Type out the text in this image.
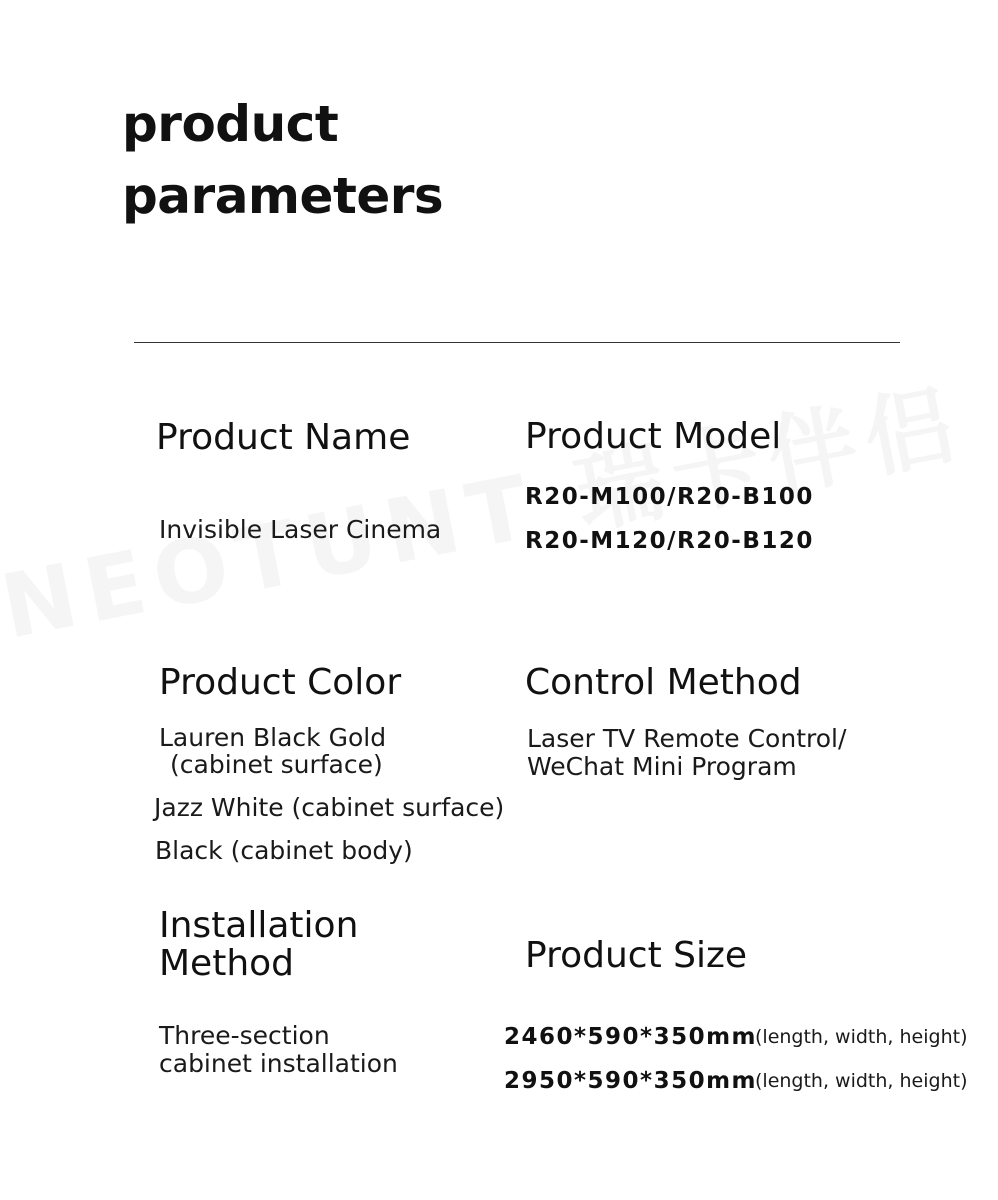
product
parameters
Product Name
Invisible Laser Cinema
Product Model
R20-M100/R20-B100
R20-M120/R20-B120
Product Color
Lauren Black Gold
(cabinet surface)
Jazz White (cabinet surface)
Black (cabinet body)
Control Method
Laser TV Remote Control/
WeChat Mini Program
Installation
Method
Three-section
cabinet installation
Product Size
2460*590*350mm
(length, width, height)
2950*590*350mm
(length, width, height)
